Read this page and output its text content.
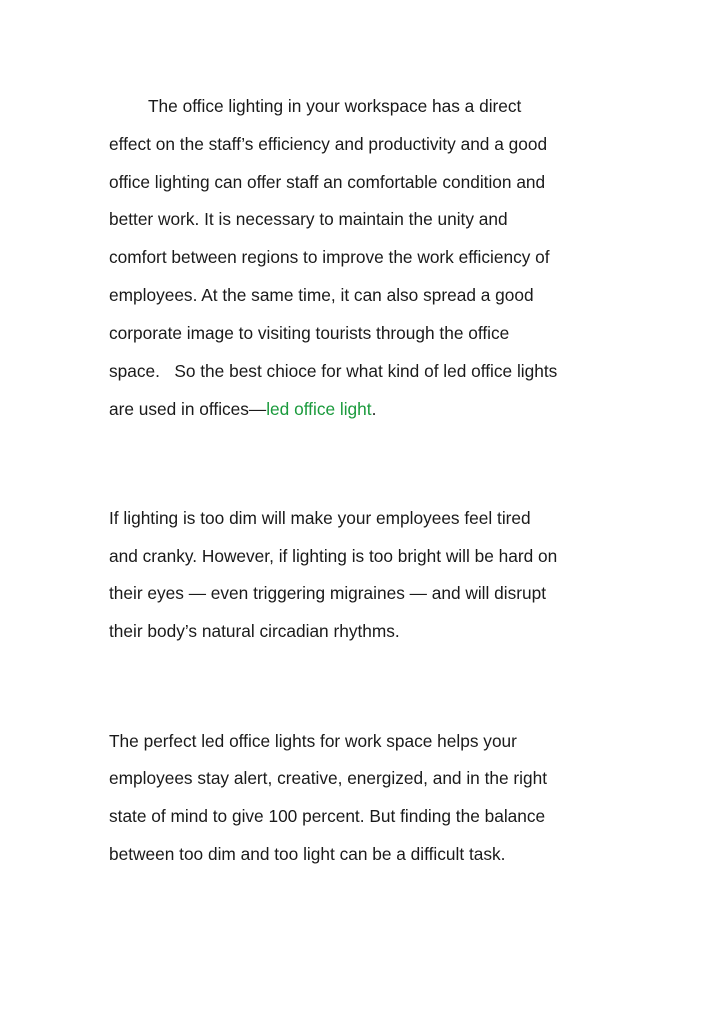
The office lighting in your workspace has a direct

effect on the staff’s efficiency and productivity and a good

office lighting can offer staff an comfortable condition and

better work. It is necessary to maintain the unity and

comfort between regions to improve the work efficiency of

employees. At the same time, it can also spread a good

corporate image to visiting tourists through the office

space.   So the best chioce for what kind of led office lights

are used in offices—led office light.

If lighting is too dim will make your employees feel tired

and cranky. However, if lighting is too bright will be hard on

their eyes — even triggering migraines — and will disrupt

their body’s natural circadian rhythms.

The perfect led office lights for work space helps your

employees stay alert, creative, energized, and in the right

state of mind to give 100 percent. But finding the balance

between too dim and too light can be a difficult task.
